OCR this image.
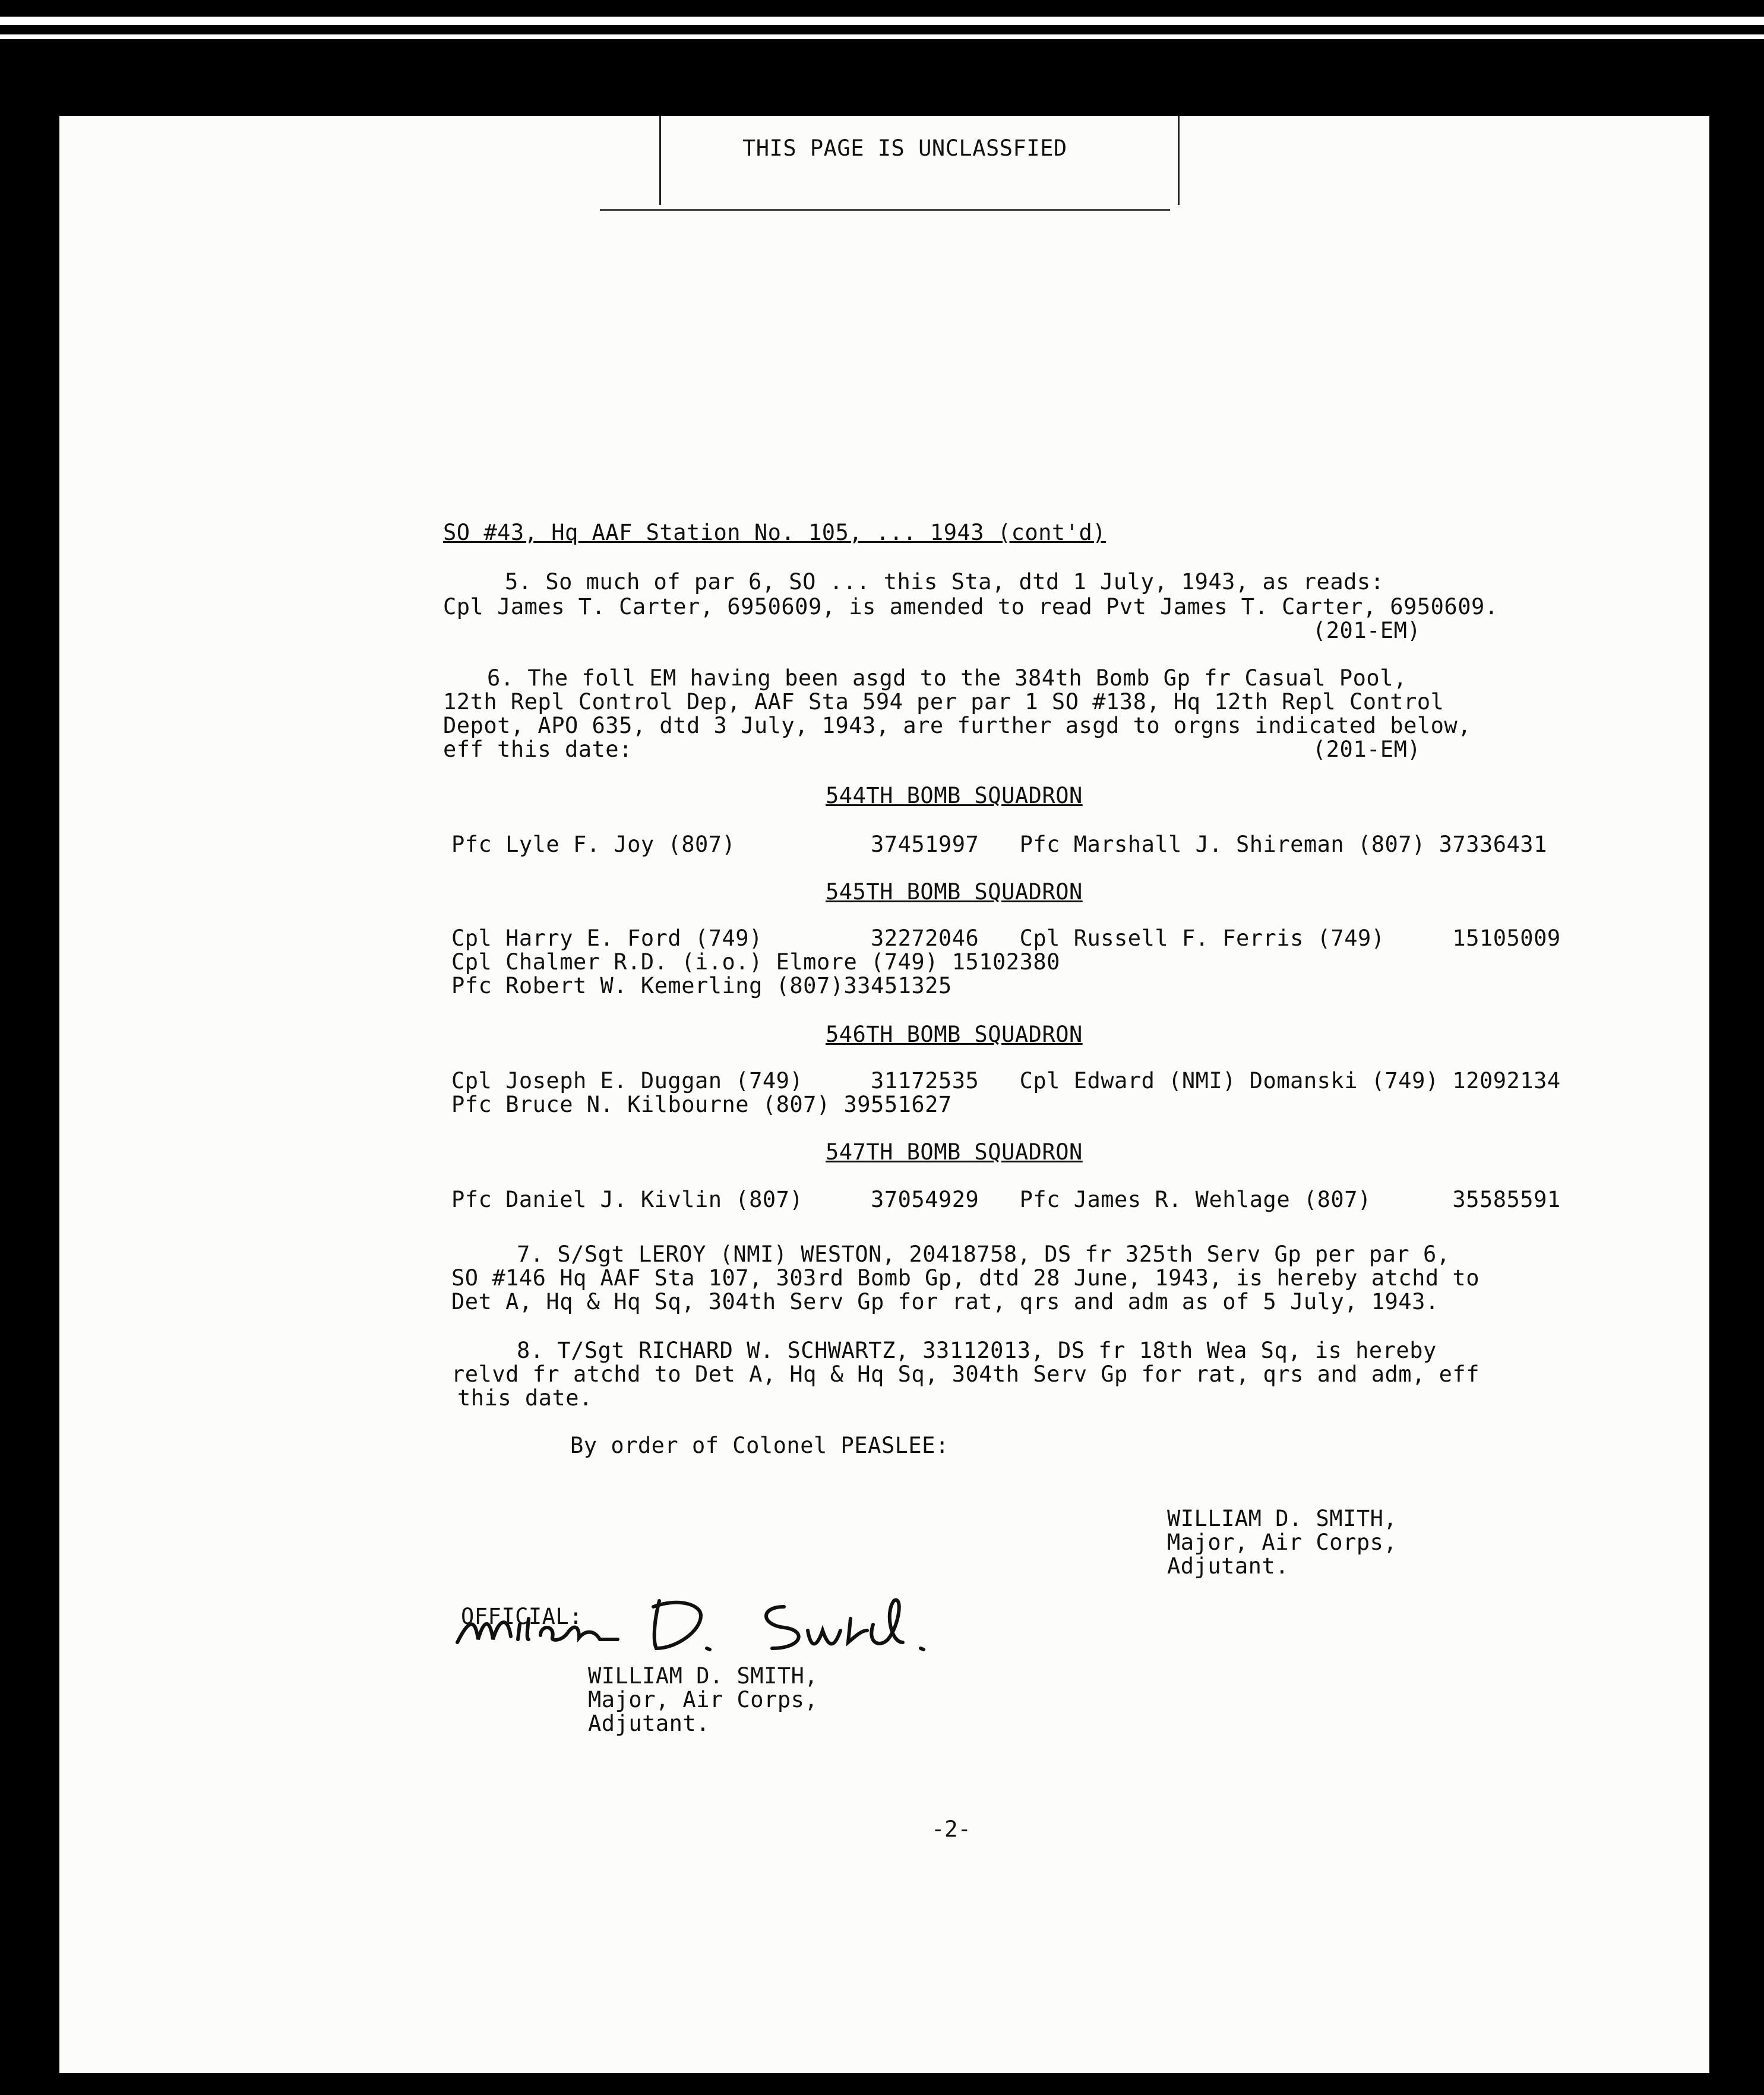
THIS PAGE IS UNCLASSFIED
SO #43, Hq AAF Station No. 105, ... 1943 (cont'd)
5. So much of par 6, SO ... this Sta, dtd 1 July, 1943, as reads:
Cpl James T. Carter, 6950609, is amended to read Pvt James T. Carter, 6950609.
(201-EM)
6. The foll EM having been asgd to the 384th Bomb Gp fr Casual Pool,
12th Repl Control Dep, AAF Sta 594 per par 1 SO #138, Hq 12th Repl Control
Depot, APO 635, dtd 3 July, 1943, are further asgd to orgns indicated below,
eff this date:	(201-EM)
544TH BOMB SQUADRON
Pfc Lyle F. Joy (807)          37451997   Pfc Marshall J. Shireman (807) 37336431
545TH BOMB SQUADRON
Cpl Harry E. Ford (749)        32272046   Cpl Russell F. Ferris (749)     15105009
Cpl Chalmer R.D. (i.o.) Elmore (749) 15102380
Pfc Robert W. Kemerling (807)33451325
546TH BOMB SQUADRON
Cpl Joseph E. Duggan (749)     31172535   Cpl Edward (NMI) Domanski (749) 12092134
Pfc Bruce N. Kilbourne (807) 39551627
547TH BOMB SQUADRON
Pfc Daniel J. Kivlin (807)     37054929   Pfc James R. Wehlage (807)      35585591
7. S/Sgt LEROY (NMI) WESTON, 20418758, DS fr 325th Serv Gp per par 6,
SO #146 Hq AAF Sta 107, 303rd Bomb Gp, dtd 28 June, 1943, is hereby atchd to
Det A, Hq & Hq Sq, 304th Serv Gp for rat, qrs and adm as of 5 July, 1943.
8. T/Sgt RICHARD W. SCHWARTZ, 33112013, DS fr 18th Wea Sq, is hereby
relvd fr atchd to Det A, Hq & Hq Sq, 304th Serv Gp for rat, qrs and adm, eff
this date.
By order of Colonel PEASLEE:
WILLIAM D. SMITH,
Major, Air Corps,
Adjutant.
OFFICIAL:
William D. Smith.	WILLIAM D. SMITH,
Major, Air Corps,
Adjutant.
-2-
